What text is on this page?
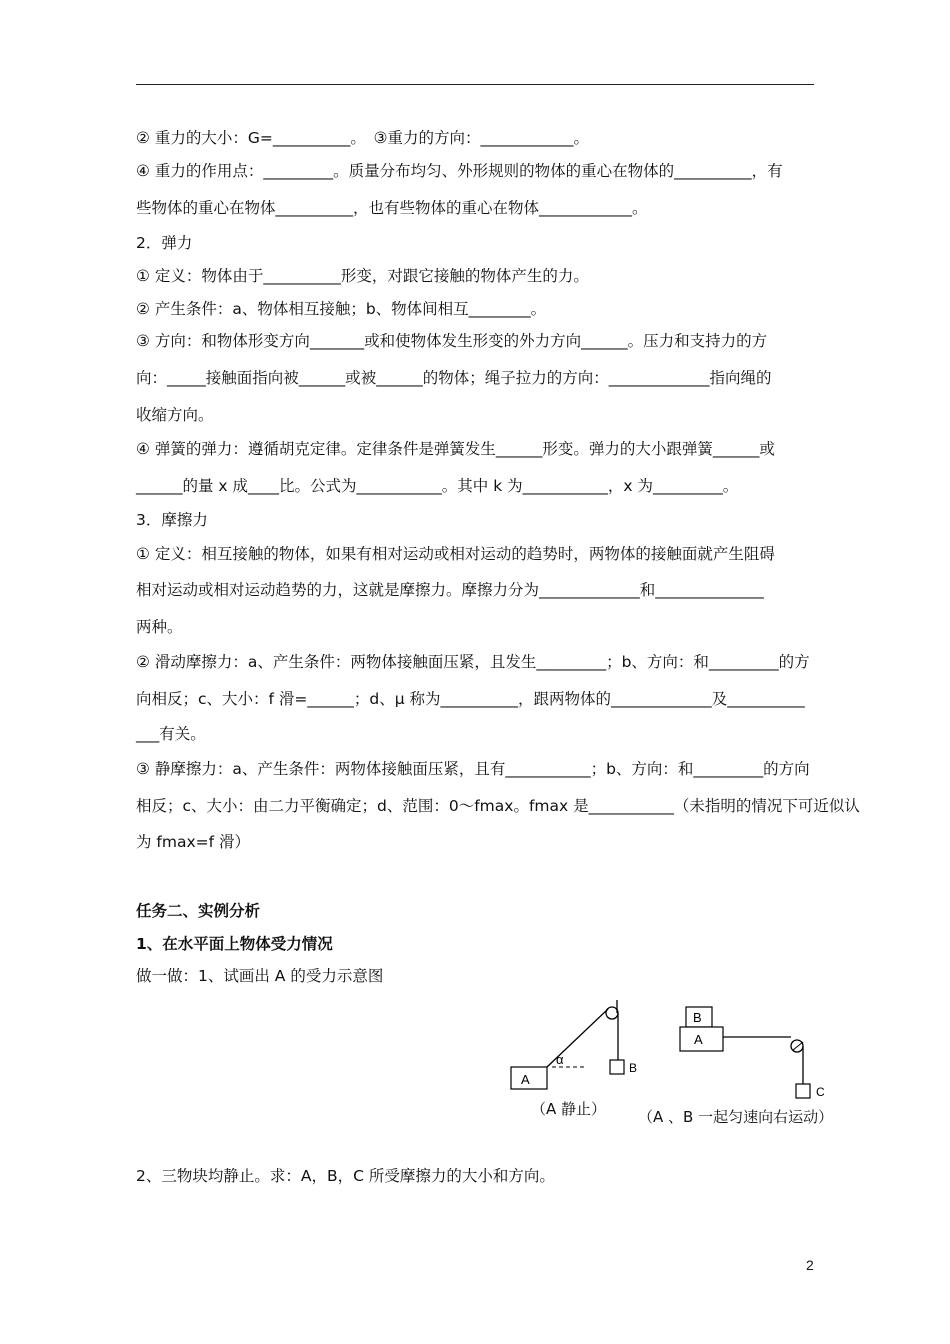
② 重力的大小：G=__________。　③重力的方向：____________。
④ 重力的作用点：_________。质量分布均匀、外形规则的物体的重心在物体的__________，有
些物体的重心在物体__________，也有些物体的重心在物体____________。
2．弹力
① 定义：物体由于__________形变，对跟它接触的物体产生的力。
② 产生条件：a、物体相互接触；b、物体间相互________。
③ 方向：和物体形变方向_______或和使物体发生形变的外力方向______。压力和支持力的方
向：_____接触面指向被______或被______的物体；绳子拉力的方向：_____________指向绳的
收缩方向。
④ 弹簧的弹力：遵循胡克定律。定律条件是弹簧发生______形变。弹力的大小跟弹簧______或
______的量 x 成____比。公式为___________。其中 k 为___________，x 为_________。
3．摩擦力
① 定义：相互接触的物体，如果有相对运动或相对运动的趋势时，两物体的接触面就产生阻碍
相对运动或相对运动趋势的力，这就是摩擦力。摩擦力分为_____________和______________
两种。
② 滑动摩擦力：a、产生条件：两物体接触面压紧，且发生_________；b、方向：和_________的方
向相反；c、大小：f 滑=______；d、μ 称为__________，跟两物体的_____________及__________
___有关。
③ 静摩擦力：a、产生条件：两物体接触面压紧，且有___________；b、方向：和_________的方向
相反；c、大小：由二力平衡确定；d、范围：0～fmax。fmax 是___________（未指明的情况下可近似认
为 fmax=f 滑）
任务二、实例分析
1、在水平面上物体受力情况
做一做：1、试画出 A 的受力示意图
A
B
α
（A 静止）
B
A
C
（A 、B 一起匀速向右运动）
2、三物块均静止。求：A，B，C 所受摩擦力的大小和方向。
2
